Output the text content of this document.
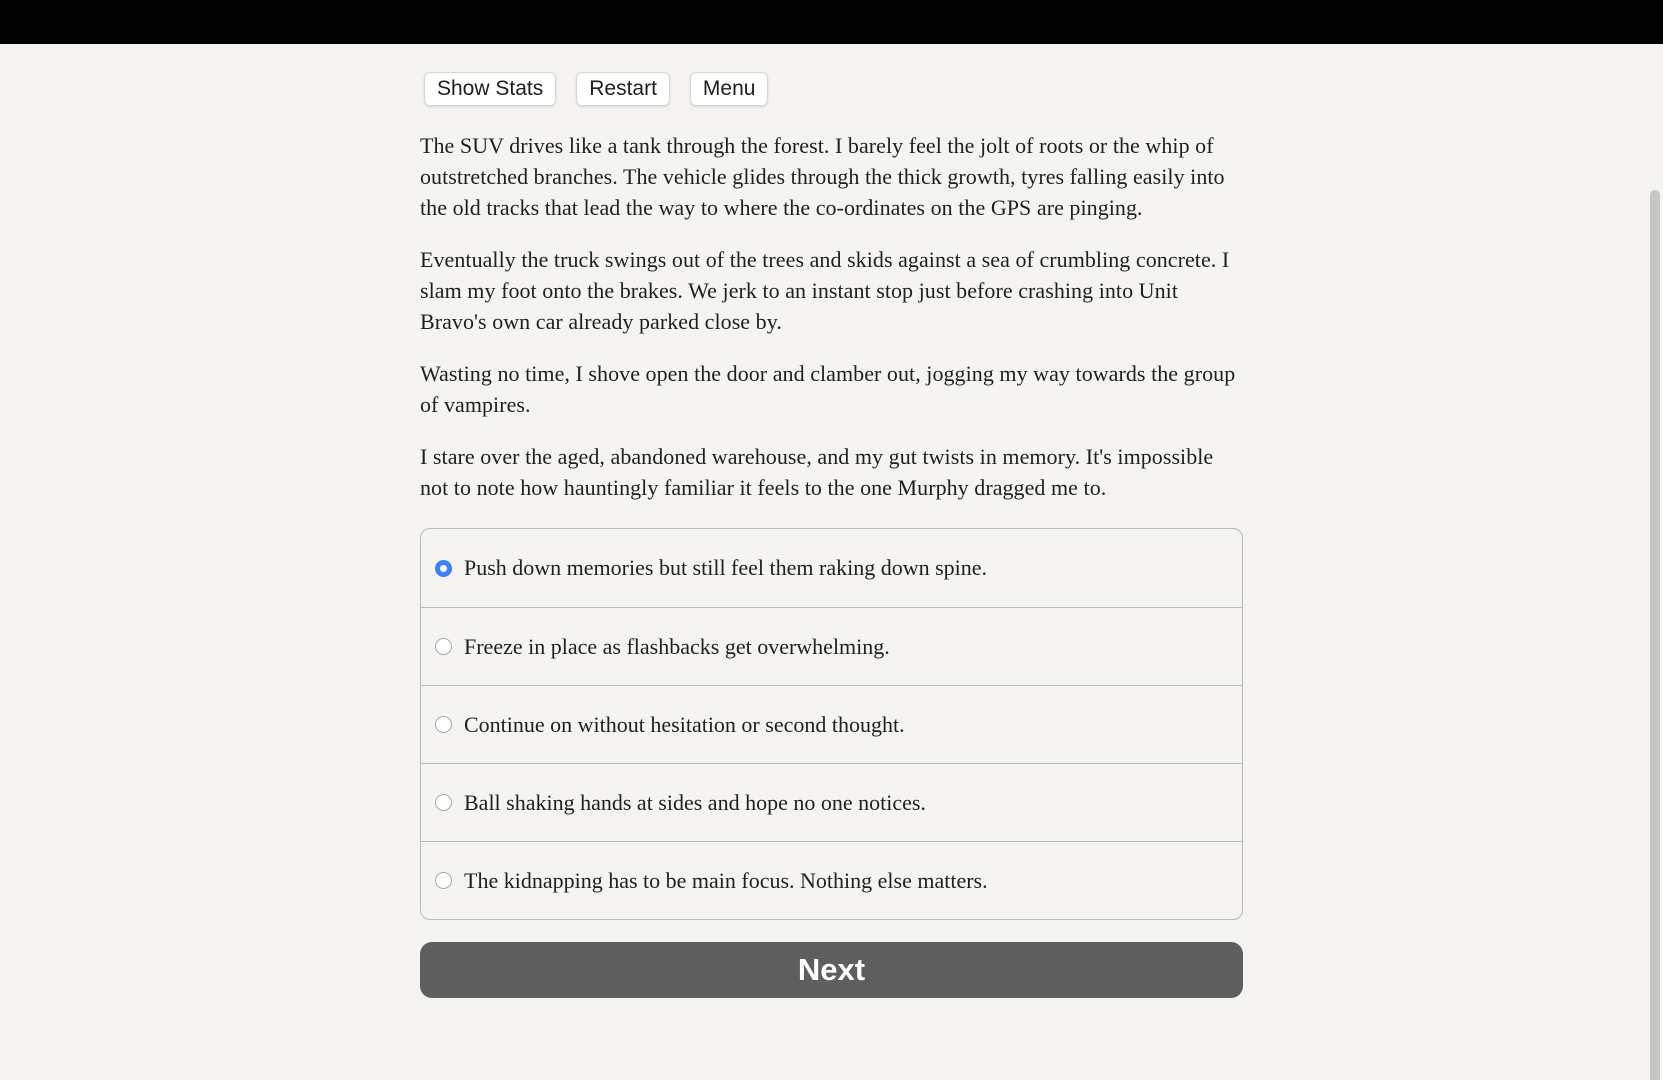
Show Stats	Restart	Menu

The SUV drives like a tank through the forest. I barely feel the jolt of roots or the whip of outstretched branches. The vehicle glides through the thick growth, tyres falling easily into the old tracks that lead the way to where the co-ordinates on the GPS are pinging.

Eventually the truck swings out of the trees and skids against a sea of crumbling concrete. I slam my foot onto the brakes. We jerk to an instant stop just before crashing into Unit Bravo's own car already parked close by.

Wasting no time, I shove open the door and clamber out, jogging my way towards the group of vampires.

I stare over the aged, abandoned warehouse, and my gut twists in memory. It's impossible not to note how hauntingly familiar it feels to the one Murphy dragged me to.

Push down memories but still feel them raking down spine.
Freeze in place as flashbacks get overwhelming.
Continue on without hesitation or second thought.
Ball shaking hands at sides and hope no one notices.
The kidnapping has to be main focus. Nothing else matters.
Next
